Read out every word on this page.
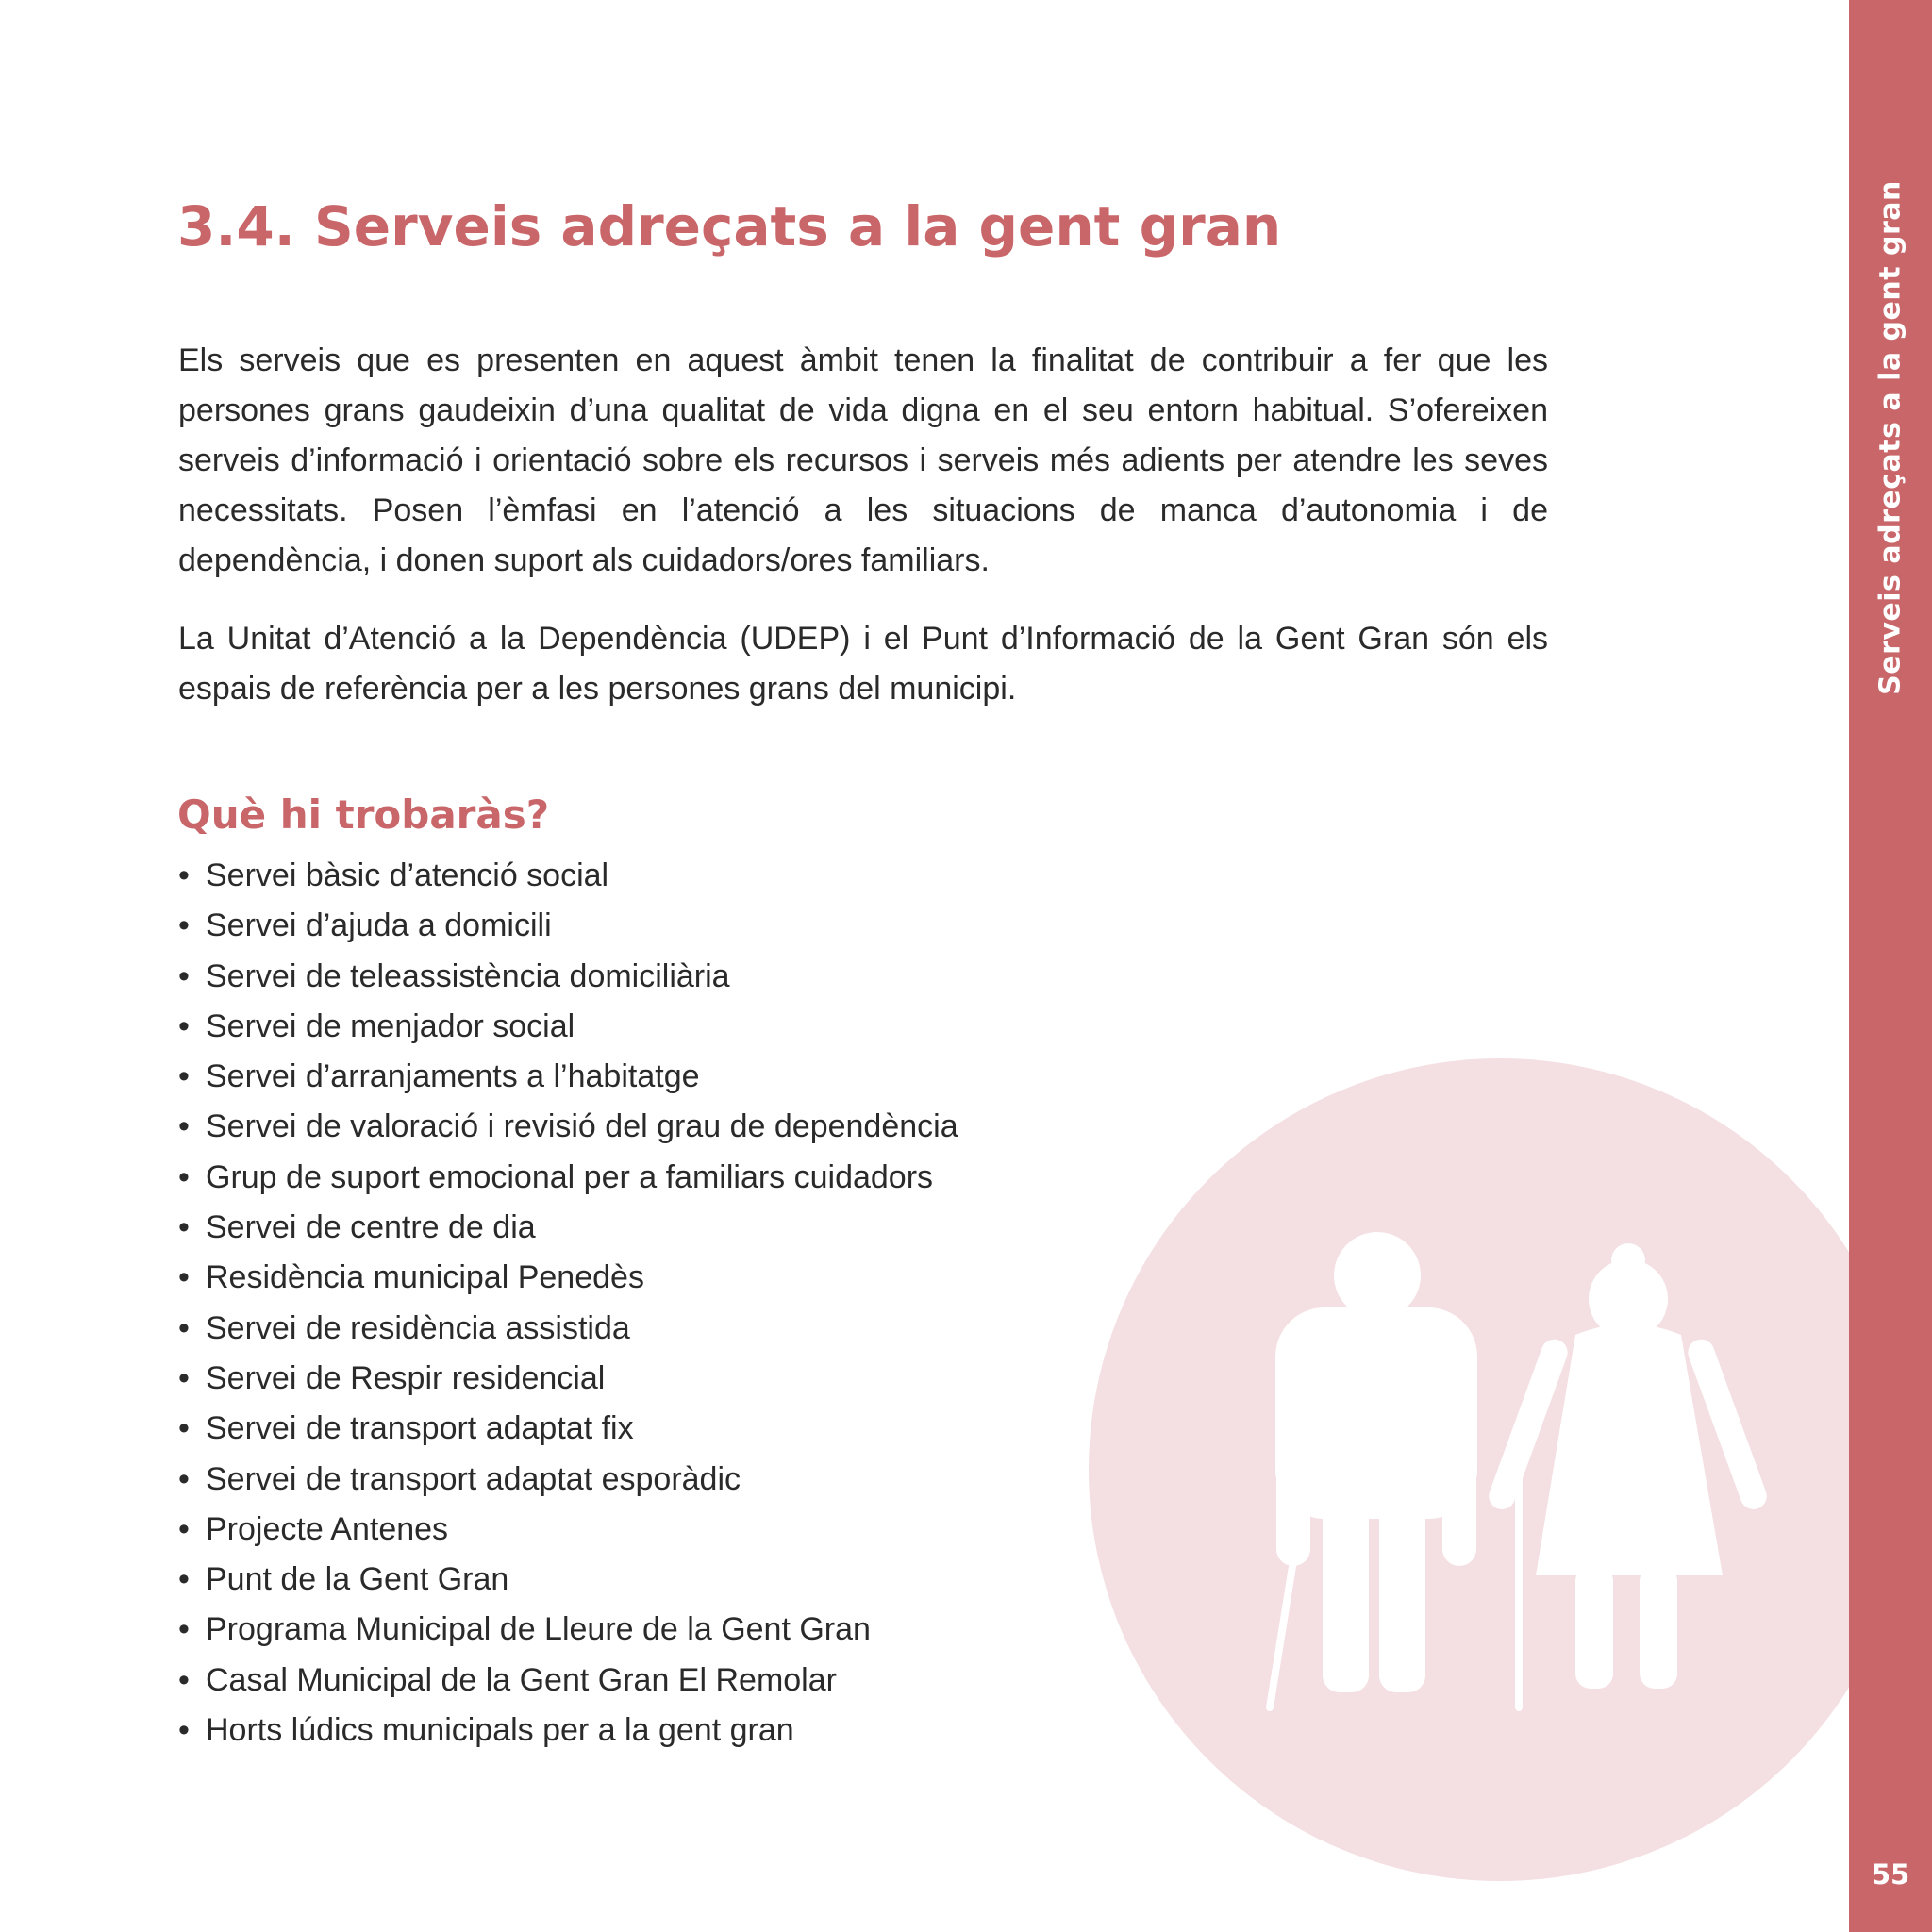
Serveis adreçats a la gent gran
55
3.4. Serveis adreçats a la gent gran

Els serveis que es presenten en aquest àmbit tenen la finalitat de contribuir a fer que les persones grans gaudeixin d’una qualitat de vida digna en el seu entorn habitual. S’ofereixen serveis d’informació i orientació sobre els recursos i serveis més adients per atendre les seves necessitats. Posen l’èmfasi en l’atenció a les situacions de manca d’autonomia i de dependència, i donen suport als cuidadors/ores familiars.

La Unitat d’Atenció a la Dependència (UDEP) i el Punt d’Informació de la Gent Gran són els espais de referència per a les persones grans del municipi.

Què hi trobaràs?
• Servei bàsic d’atenció social
• Servei d’ajuda a domicili
• Servei de teleassistència domiciliària
• Servei de menjador social
• Servei d’arranjaments a l’habitatge
• Servei de valoració i revisió del grau de dependència
• Grup de suport emocional per a familiars cuidadors
• Servei de centre de dia
• Residència municipal Penedès
• Servei de residència assistida
• Servei de Respir residencial
• Servei de transport adaptat fix
• Servei de transport adaptat esporàdic
• Projecte Antenes
• Punt de la Gent Gran
• Programa Municipal de Lleure de la Gent Gran
• Casal Municipal de la Gent Gran El Remolar
• Horts lúdics municipals per a la gent gran
